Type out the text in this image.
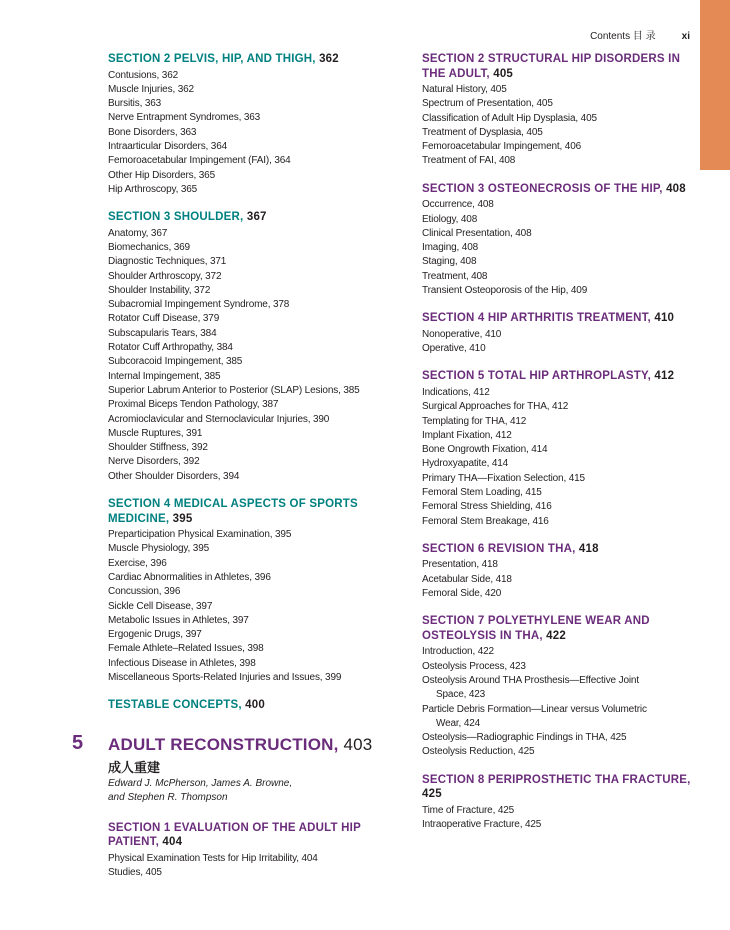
Contents 目 录	xi
SECTION 2 PELVIS, HIP, AND THIGH, 362
Contusions, 362
Muscle Injuries, 362
Bursitis, 363
Nerve Entrapment Syndromes, 363
Bone Disorders, 363
Intraarticular Disorders, 364
Femoroacetabular Impingement (FAI), 364
Other Hip Disorders, 365
Hip Arthroscopy, 365
SECTION 3 SHOULDER, 367
Anatomy, 367
Biomechanics, 369
Diagnostic Techniques, 371
Shoulder Arthroscopy, 372
Shoulder Instability, 372
Subacromial Impingement Syndrome, 378
Rotator Cuff Disease, 379
Subscapularis Tears, 384
Rotator Cuff Arthropathy, 384
Subcoracoid Impingement, 385
Internal Impingement, 385
Superior Labrum Anterior to Posterior (SLAP) Lesions, 385
Proximal Biceps Tendon Pathology, 387
Acromioclavicular and Sternoclavicular Injuries, 390
Muscle Ruptures, 391
Shoulder Stiffness, 392
Nerve Disorders, 392
Other Shoulder Disorders, 394
SECTION 4 MEDICAL ASPECTS OF SPORTS MEDICINE, 395
Preparticipation Physical Examination, 395
Muscle Physiology, 395
Exercise, 396
Cardiac Abnormalities in Athletes, 396
Concussion, 396
Sickle Cell Disease, 397
Metabolic Issues in Athletes, 397
Ergogenic Drugs, 397
Female Athlete–Related Issues, 398
Infectious Disease in Athletes, 398
Miscellaneous Sports-Related Injuries and Issues, 399
TESTABLE CONCEPTS, 400
5 ADULT RECONSTRUCTION, 403
成人重建
Edward J. McPherson, James A. Browne,
and Stephen R. Thompson
SECTION 1 EVALUATION OF THE ADULT HIP PATIENT, 404
Physical Examination Tests for Hip Irritability, 404
Studies, 405
SECTION 2 STRUCTURAL HIP DISORDERS IN THE ADULT, 405
Natural History, 405
Spectrum of Presentation, 405
Classification of Adult Hip Dysplasia, 405
Treatment of Dysplasia, 405
Femoroacetabular Impingement, 406
Treatment of FAI, 408
SECTION 3 OSTEONECROSIS OF THE HIP, 408
Occurrence, 408
Etiology, 408
Clinical Presentation, 408
Imaging, 408
Staging, 408
Treatment, 408
Transient Osteoporosis of the Hip, 409
SECTION 4 HIP ARTHRITIS TREATMENT, 410
Nonoperative, 410
Operative, 410
SECTION 5 TOTAL HIP ARTHROPLASTY, 412
Indications, 412
Surgical Approaches for THA, 412
Templating for THA, 412
Implant Fixation, 412
Bone Ongrowth Fixation, 414
Hydroxyapatite, 414
Primary THA—Fixation Selection, 415
Femoral Stem Loading, 415
Femoral Stress Shielding, 416
Femoral Stem Breakage, 416
SECTION 6 REVISION THA, 418
Presentation, 418
Acetabular Side, 418
Femoral Side, 420
SECTION 7 POLYETHYLENE WEAR AND OSTEOLYSIS IN THA, 422
Introduction, 422
Osteolysis Process, 423
Osteolysis Around THA Prosthesis—Effective Joint
Space, 423
Particle Debris Formation—Linear versus Volumetric
Wear, 424
Osteolysis—Radiographic Findings in THA, 425
Osteolysis Reduction, 425
SECTION 8 PERIPROSTHETIC THA FRACTURE, 425
Time of Fracture, 425
Intraoperative Fracture, 425
